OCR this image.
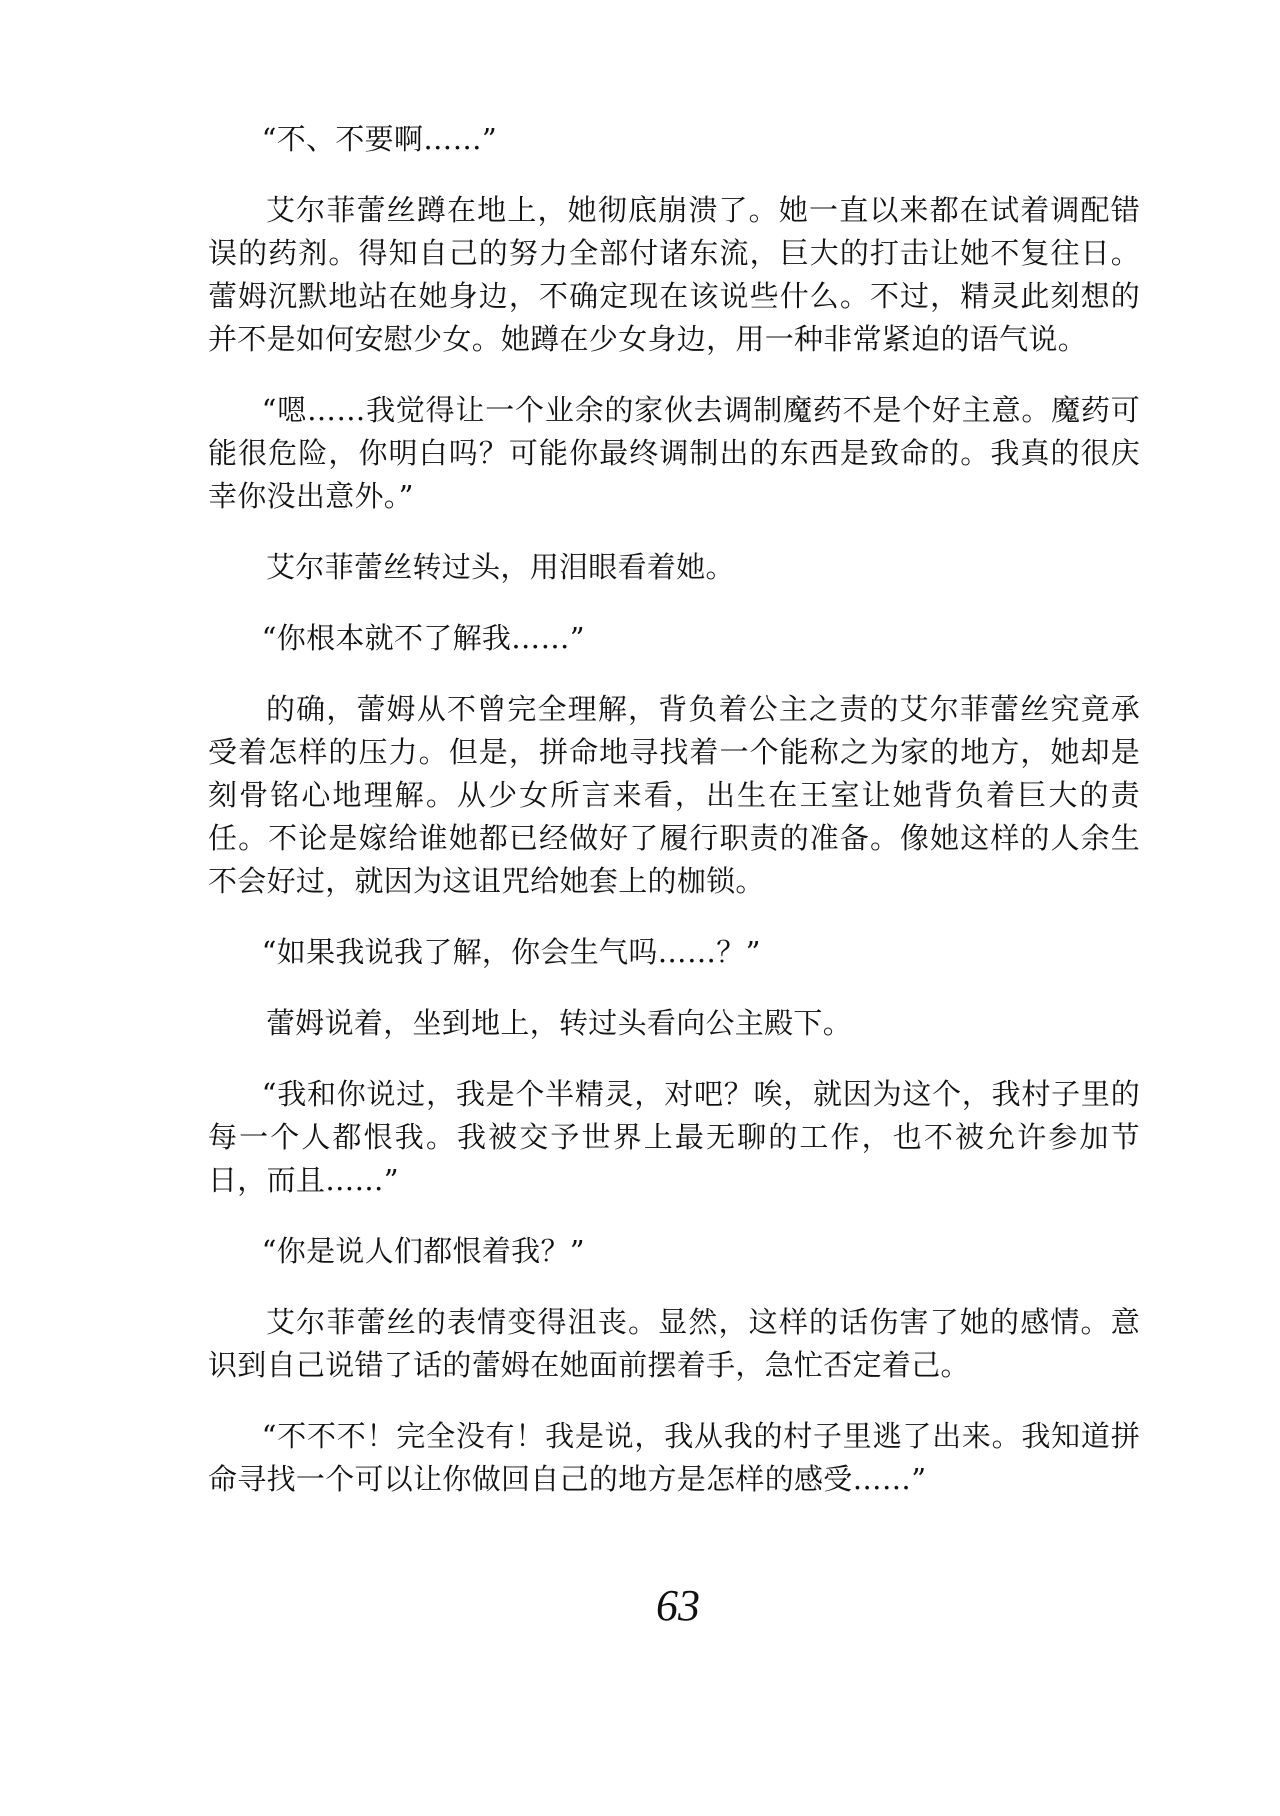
“不、不要啊……”

艾尔菲蕾丝蹲在地上，她彻底崩溃了。她一直以来都在试着调配错误的药剂。得知自己的努力全部付诸东流，巨大的打击让她不复往日。蕾姆沉默地站在她身边，不确定现在该说些什么。不过，精灵此刻想的并不是如何安慰少女。她蹲在少女身边，用一种非常紧迫的语气说。

“嗯……我觉得让一个业余的家伙去调制魔药不是个好主意。魔药可能很危险，你明白吗？可能你最终调制出的东西是致命的。我真的很庆幸你没出意外。”

艾尔菲蕾丝转过头，用泪眼看着她。

“你根本就不了解我……”

的确，蕾姆从不曾完全理解，背负着公主之责的艾尔菲蕾丝究竟承受着怎样的压力。但是，拼命地寻找着一个能称之为家的地方，她却是刻骨铭心地理解。从少女所言来看，出生在王室让她背负着巨大的责任。不论是嫁给谁她都已经做好了履行职责的准备。像她这样的人余生不会好过，就因为这诅咒给她套上的枷锁。

“如果我说我了解，你会生气吗……？”

蕾姆说着，坐到地上，转过头看向公主殿下。

“我和你说过，我是个半精灵，对吧？唉，就因为这个，我村子里的每一个人都恨我。我被交予世界上最无聊的工作，也不被允许参加节日，而且……”

“你是说人们都恨着我？”

艾尔菲蕾丝的表情变得沮丧。显然，这样的话伤害了她的感情。意识到自己说错了话的蕾姆在她面前摆着手，急忙否定着己。

“不不不！完全没有！我是说，我从我的村子里逃了出来。我知道拼命寻找一个可以让你做回自己的地方是怎样的感受……”

63
